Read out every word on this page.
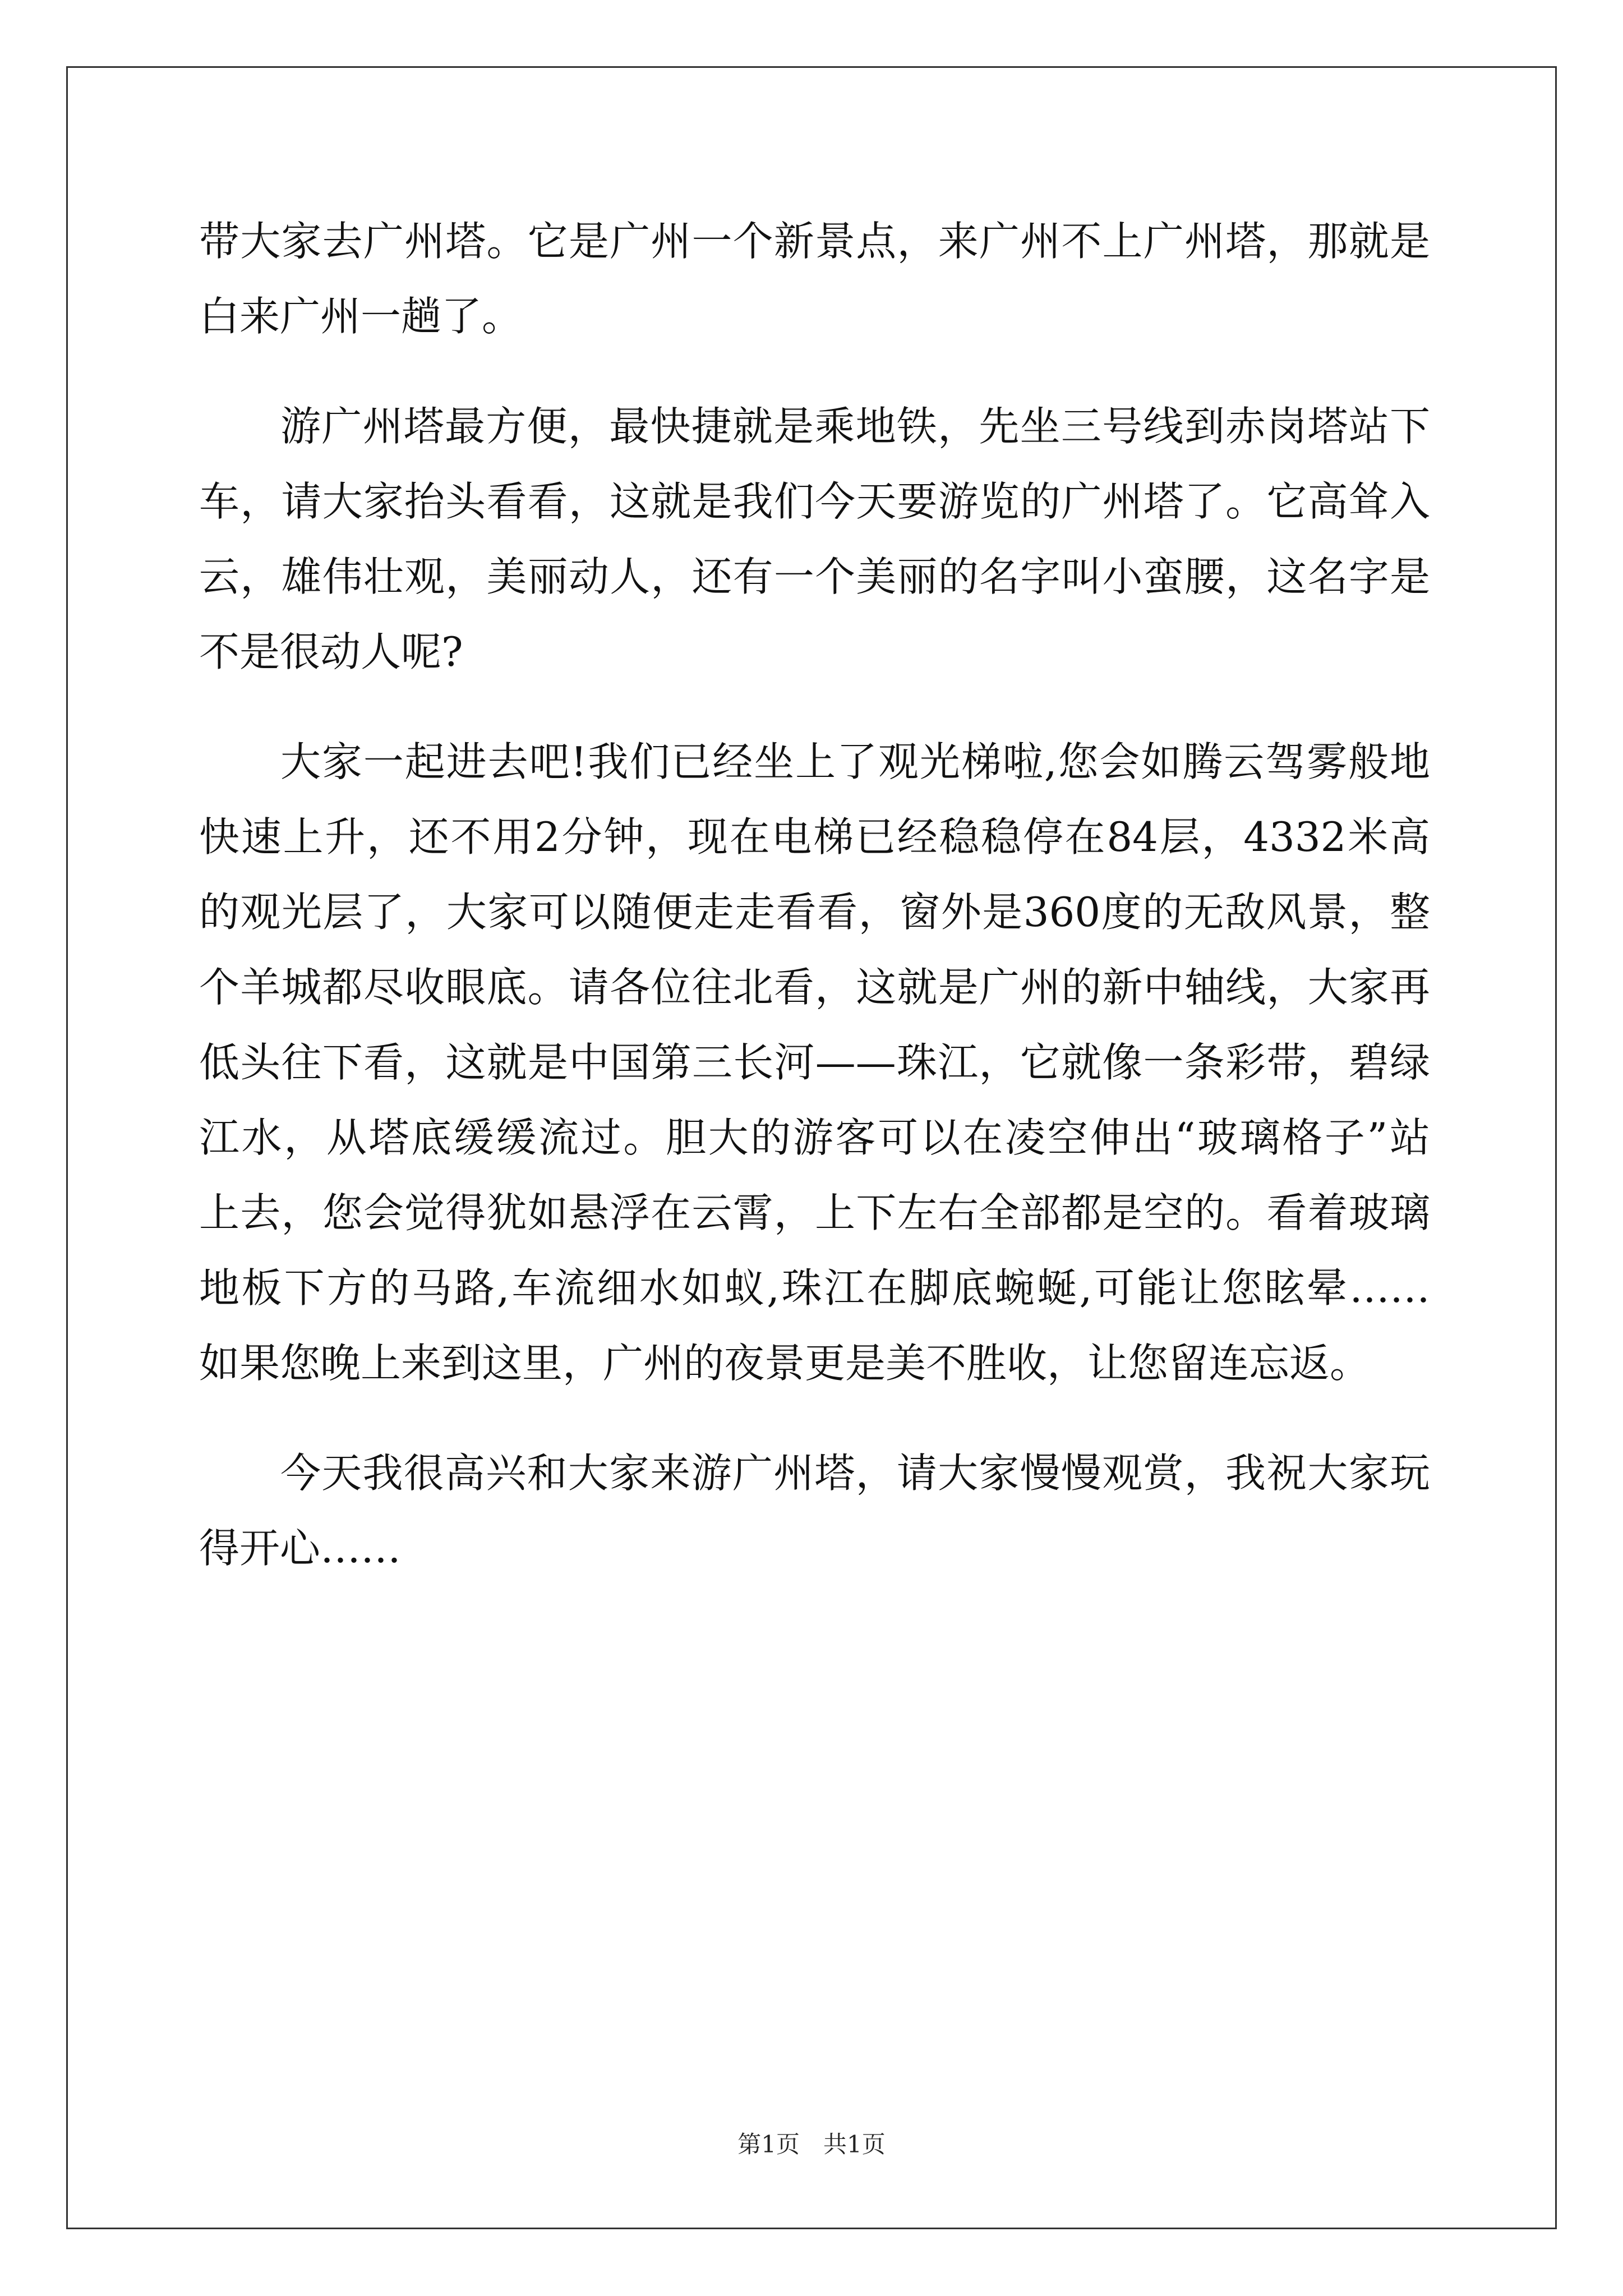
带大家去广州塔。它是广州一个新景点，来广州不上广州塔，那就是
白来广州一趟了。
游广州塔最方便，最快捷就是乘地铁，先坐三号线到赤岗塔站下
车，请大家抬头看看，这就是我们今天要游览的广州塔了。它高耸入
云，雄伟壮观，美丽动人，还有一个美丽的名字叫小蛮腰，这名字是
不是很动人呢?
大家一起进去吧!我们已经坐上了观光梯啦,您会如腾云驾雾般地
快速上升，还不用2分钟，现在电梯已经稳稳停在84层，4332米高
的观光层了，大家可以随便走走看看，窗外是360度的无敌风景，整
个羊城都尽收眼底。请各位往北看，这就是广州的新中轴线，大家再
低头往下看，这就是中国第三长河——珠江，它就像一条彩带，碧绿
江水，从塔底缓缓流过。胆大的游客可以在凌空伸出“玻璃格子”站
上去，您会觉得犹如悬浮在云霄，上下左右全部都是空的。看着玻璃
地板下方的马路,车流细水如蚁,珠江在脚底蜿蜒,可能让您眩晕……
如果您晚上来到这里，广州的夜景更是美不胜收，让您留连忘返。
今天我很高兴和大家来游广州塔，请大家慢慢观赏，我祝大家玩
得开心……
第1页　共1页
